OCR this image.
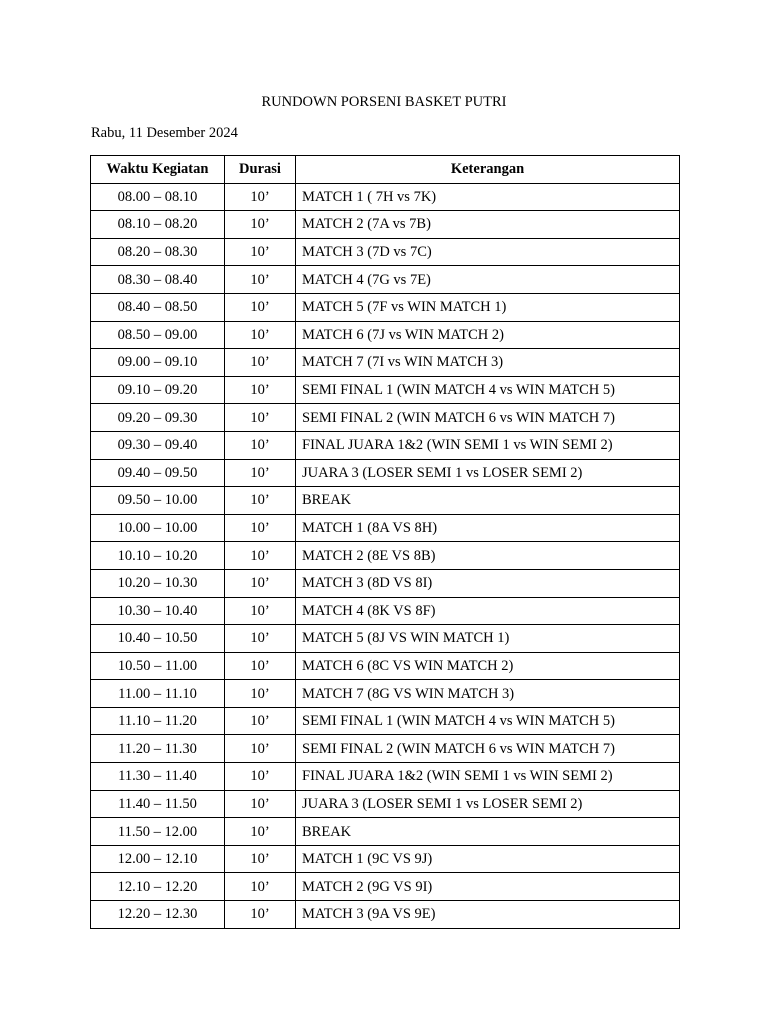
RUNDOWN PORSENI BASKET PUTRI
Rabu, 11 Desember 2024
Waktu Kegiatan	Durasi	Keterangan
08.00 – 08.10	10’	MATCH 1 ( 7H vs 7K)
08.10 – 08.20	10’	MATCH 2 (7A vs 7B)
08.20 – 08.30	10’	MATCH 3 (7D vs 7C)
08.30 – 08.40	10’	MATCH 4 (7G vs 7E)
08.40 – 08.50	10’	MATCH 5 (7F vs WIN MATCH 1)
08.50 – 09.00	10’	MATCH 6 (7J vs WIN MATCH 2)
09.00 – 09.10	10’	MATCH 7 (7I vs WIN MATCH 3)
09.10 – 09.20	10’	SEMI FINAL 1 (WIN MATCH 4 vs WIN MATCH 5)
09.20 – 09.30	10’	SEMI FINAL 2 (WIN MATCH 6 vs WIN MATCH 7)
09.30 – 09.40	10’	FINAL JUARA 1&2 (WIN SEMI 1 vs WIN SEMI 2)
09.40 – 09.50	10’	JUARA 3 (LOSER SEMI 1 vs LOSER SEMI 2)
09.50 – 10.00	10’	BREAK
10.00 – 10.00	10’	MATCH 1 (8A VS 8H)
10.10 – 10.20	10’	MATCH 2 (8E VS 8B)
10.20 – 10.30	10’	MATCH 3 (8D VS 8I)
10.30 – 10.40	10’	MATCH 4 (8K VS 8F)
10.40 – 10.50	10’	MATCH 5 (8J VS WIN MATCH 1)
10.50 – 11.00	10’	MATCH 6 (8C VS WIN MATCH 2)
11.00 – 11.10	10’	MATCH 7 (8G VS WIN MATCH 3)
11.10 – 11.20	10’	SEMI FINAL 1 (WIN MATCH 4 vs WIN MATCH 5)
11.20 – 11.30	10’	SEMI FINAL 2 (WIN MATCH 6 vs WIN MATCH 7)
11.30 – 11.40	10’	FINAL JUARA 1&2 (WIN SEMI 1 vs WIN SEMI 2)
11.40 – 11.50	10’	JUARA 3 (LOSER SEMI 1 vs LOSER SEMI 2)
11.50 – 12.00	10’	BREAK
12.00 – 12.10	10’	MATCH 1 (9C VS 9J)
12.10 – 12.20	10’	MATCH 2 (9G VS 9I)
12.20 – 12.30	10’	MATCH 3 (9A VS 9E)
